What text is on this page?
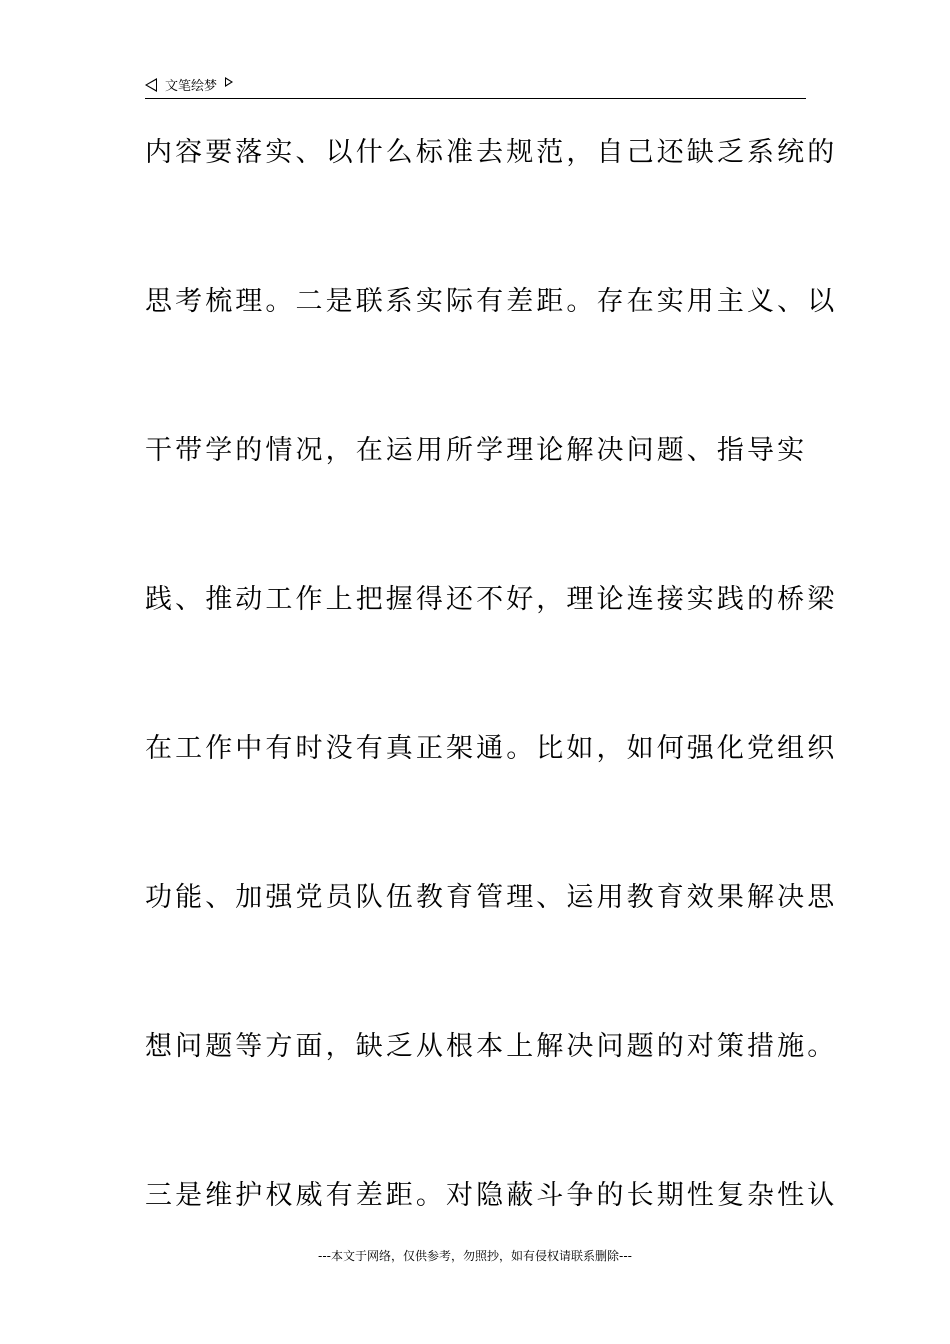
文笔绘梦
内容要落实、以什么标准去规范，自己还缺乏系统的
思考梳理。二是联系实际有差距。存在实用主义、以
干带学的情况，在运用所学理论解决问题、指导实
践、推动工作上把握得还不好，理论连接实践的桥梁
在工作中有时没有真正架通。比如，如何强化党组织
功能、加强党员队伍教育管理、运用教育效果解决思
想问题等方面，缺乏从根本上解决问题的对策措施。
三是维护权威有差距。对隐蔽斗争的长期性复杂性认
---本文于网络，仅供参考，勿照抄，如有侵权请联系删除---
